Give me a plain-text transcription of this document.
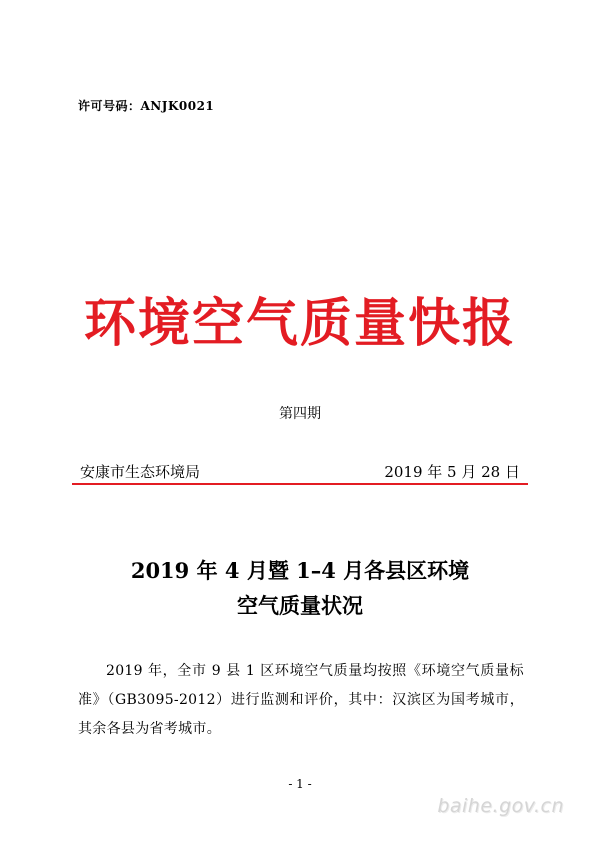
许可号码：ANJK0021
环境空气质量快报
第四期
安康市生态环境局	2019 年 5 月 28 日
2019 年 4 月暨 1–4 月各县区环境
空气质量状况

2019 年，全市 9 县 1 区环境空气质量均按照《环境空气质量标准》（GB3095-2012）进行监测和评价，其中：汉滨区为国考城市，其余各县为省考城市。

- 1 -
baihe.gov.cn
